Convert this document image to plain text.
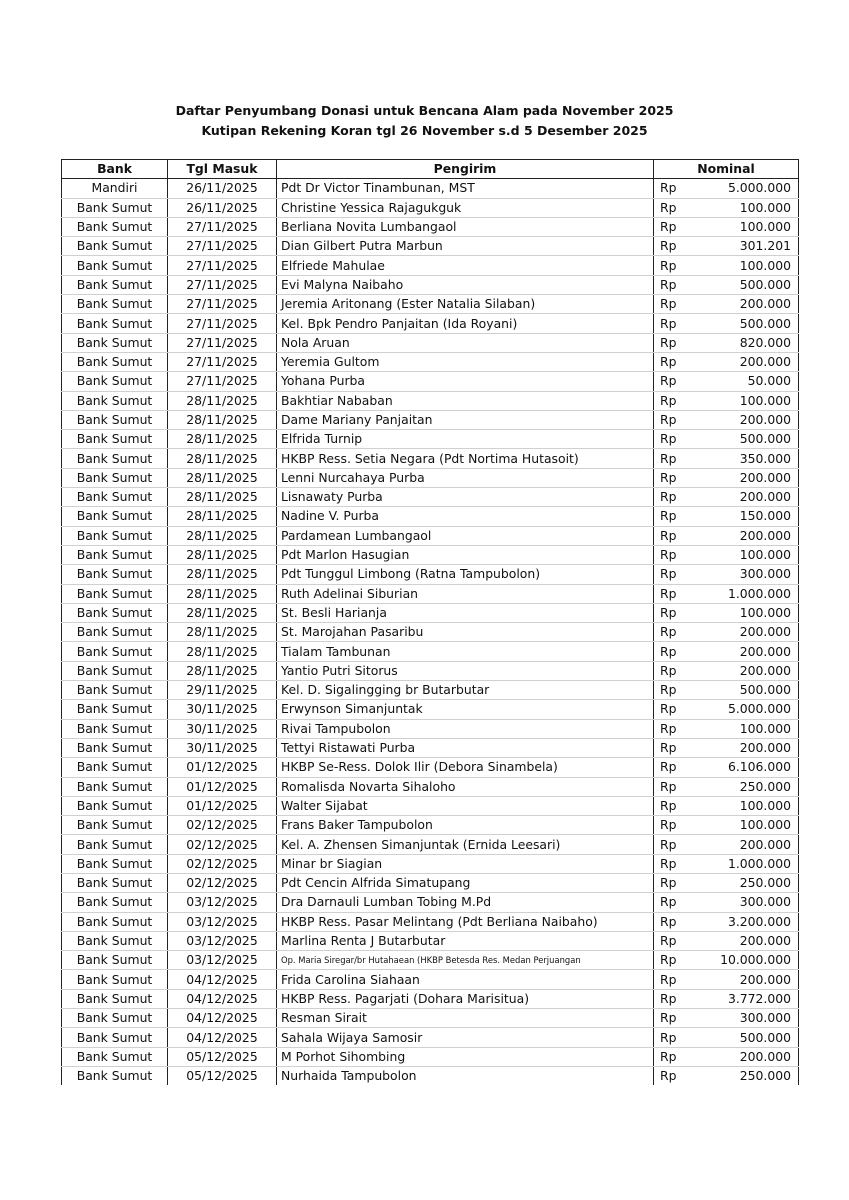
Daftar Penyumbang Donasi untuk Bencana Alam pada November 2025
Kutipan Rekening Koran tgl 26 November s.d 5 Desember 2025
Bank	Tgl Masuk	Pengirim	Nominal	
Mandiri	26/11/2025	Pdt Dr Victor Tinambunan, MST	Rp	5.000.000
Bank Sumut	26/11/2025	Christine Yessica Rajagukguk	Rp	100.000
Bank Sumut	27/11/2025	Berliana Novita Lumbangaol	Rp	100.000
Bank Sumut	27/11/2025	Dian Gilbert Putra Marbun	Rp	301.201
Bank Sumut	27/11/2025	Elfriede Mahulae	Rp	100.000
Bank Sumut	27/11/2025	Evi Malyna Naibaho	Rp	500.000
Bank Sumut	27/11/2025	Jeremia Aritonang (Ester Natalia Silaban)	Rp	200.000
Bank Sumut	27/11/2025	Kel. Bpk Pendro Panjaitan (Ida Royani)	Rp	500.000
Bank Sumut	27/11/2025	Nola Aruan	Rp	820.000
Bank Sumut	27/11/2025	Yeremia Gultom	Rp	200.000
Bank Sumut	27/11/2025	Yohana Purba	Rp	50.000
Bank Sumut	28/11/2025	Bakhtiar Nababan	Rp	100.000
Bank Sumut	28/11/2025	Dame Mariany Panjaitan	Rp	200.000
Bank Sumut	28/11/2025	Elfrida Turnip	Rp	500.000
Bank Sumut	28/11/2025	HKBP Ress. Setia Negara (Pdt Nortima Hutasoit)	Rp	350.000
Bank Sumut	28/11/2025	Lenni Nurcahaya Purba	Rp	200.000
Bank Sumut	28/11/2025	Lisnawaty Purba	Rp	200.000
Bank Sumut	28/11/2025	Nadine V. Purba	Rp	150.000
Bank Sumut	28/11/2025	Pardamean Lumbangaol	Rp	200.000
Bank Sumut	28/11/2025	Pdt Marlon Hasugian	Rp	100.000
Bank Sumut	28/11/2025	Pdt Tunggul Limbong (Ratna Tampubolon)	Rp	300.000
Bank Sumut	28/11/2025	Ruth Adelinai Siburian	Rp	1.000.000
Bank Sumut	28/11/2025	St. Besli Harianja	Rp	100.000
Bank Sumut	28/11/2025	St. Marojahan Pasaribu	Rp	200.000
Bank Sumut	28/11/2025	Tialam Tambunan	Rp	200.000
Bank Sumut	28/11/2025	Yantio Putri Sitorus	Rp	200.000
Bank Sumut	29/11/2025	Kel. D. Sigalingging br Butarbutar	Rp	500.000
Bank Sumut	30/11/2025	Erwynson Simanjuntak	Rp	5.000.000
Bank Sumut	30/11/2025	Rivai Tampubolon	Rp	100.000
Bank Sumut	30/11/2025	Tettyi Ristawati Purba	Rp	200.000
Bank Sumut	01/12/2025	HKBP Se-Ress. Dolok Ilir (Debora Sinambela)	Rp	6.106.000
Bank Sumut	01/12/2025	Romalisda Novarta Sihaloho	Rp	250.000
Bank Sumut	01/12/2025	Walter Sijabat	Rp	100.000
Bank Sumut	02/12/2025	Frans Baker Tampubolon	Rp	100.000
Bank Sumut	02/12/2025	Kel. A. Zhensen Simanjuntak (Ernida Leesari)	Rp	200.000
Bank Sumut	02/12/2025	Minar br Siagian	Rp	1.000.000
Bank Sumut	02/12/2025	Pdt Cencin Alfrida Simatupang	Rp	250.000
Bank Sumut	03/12/2025	Dra Darnauli Lumban Tobing M.Pd	Rp	300.000
Bank Sumut	03/12/2025	HKBP Ress. Pasar Melintang (Pdt Berliana Naibaho)	Rp	3.200.000
Bank Sumut	03/12/2025	Marlina Renta J Butarbutar	Rp	200.000
Bank Sumut	03/12/2025	Op. Maria Siregar/br Hutahaean (HKBP Betesda Res. Medan Perjuangan	Rp	10.000.000
Bank Sumut	04/12/2025	Frida Carolina Siahaan	Rp	200.000
Bank Sumut	04/12/2025	HKBP Ress. Pagarjati (Dohara Marisitua)	Rp	3.772.000
Bank Sumut	04/12/2025	Resman Sirait	Rp	300.000
Bank Sumut	04/12/2025	Sahala Wijaya Samosir	Rp	500.000
Bank Sumut	05/12/2025	M Porhot Sihombing	Rp	200.000
Bank Sumut	05/12/2025	Nurhaida Tampubolon	Rp	250.000
